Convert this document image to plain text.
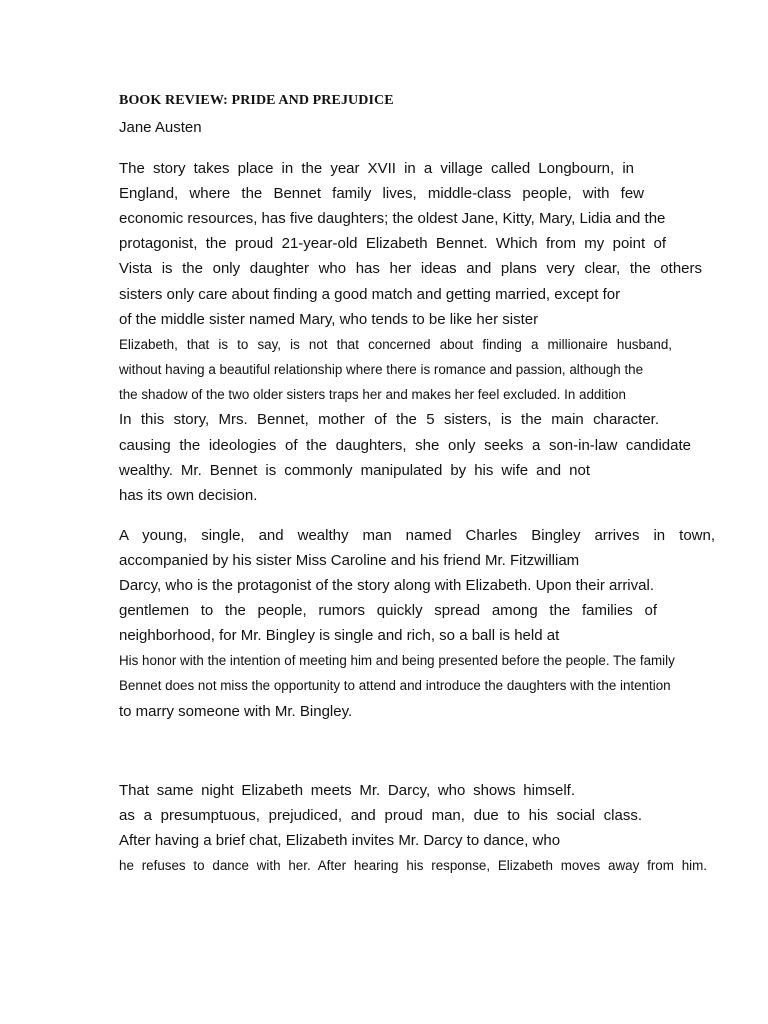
BOOK REVIEW: PRIDE AND PREJUDICE
Jane Austen
The story takes place in the year XVII in a village called Longbourn, in
England, where the Bennet family lives, middle-class people, with few
economic resources, has five daughters; the oldest Jane, Kitty, Mary, Lidia and the
protagonist, the proud 21-year-old Elizabeth Bennet. Which from my point of
Vista is the only daughter who has her ideas and plans very clear, the others
sisters only care about finding a good match and getting married, except for
of the middle sister named Mary, who tends to be like her sister
Elizabeth, that is to say, is not that concerned about finding a millionaire husband,
without having a beautiful relationship where there is romance and passion, although the
the shadow of the two older sisters traps her and makes her feel excluded. In addition
In this story, Mrs. Bennet, mother of the 5 sisters, is the main character.
causing the ideologies of the daughters, she only seeks a son-in-law candidate
wealthy. Mr. Bennet is commonly manipulated by his wife and not
has its own decision.
A young, single, and wealthy man named Charles Bingley arrives in town,
accompanied by his sister Miss Caroline and his friend Mr. Fitzwilliam
Darcy, who is the protagonist of the story along with Elizabeth. Upon their arrival.
gentlemen to the people, rumors quickly spread among the families of
neighborhood, for Mr. Bingley is single and rich, so a ball is held at
His honor with the intention of meeting him and being presented before the people. The family
Bennet does not miss the opportunity to attend and introduce the daughters with the intention
to marry someone with Mr. Bingley.
That same night Elizabeth meets Mr. Darcy, who shows himself.
as a presumptuous, prejudiced, and proud man, due to his social class.
After having a brief chat, Elizabeth invites Mr. Darcy to dance, who
he refuses to dance with her. After hearing his response, Elizabeth moves away from him.
